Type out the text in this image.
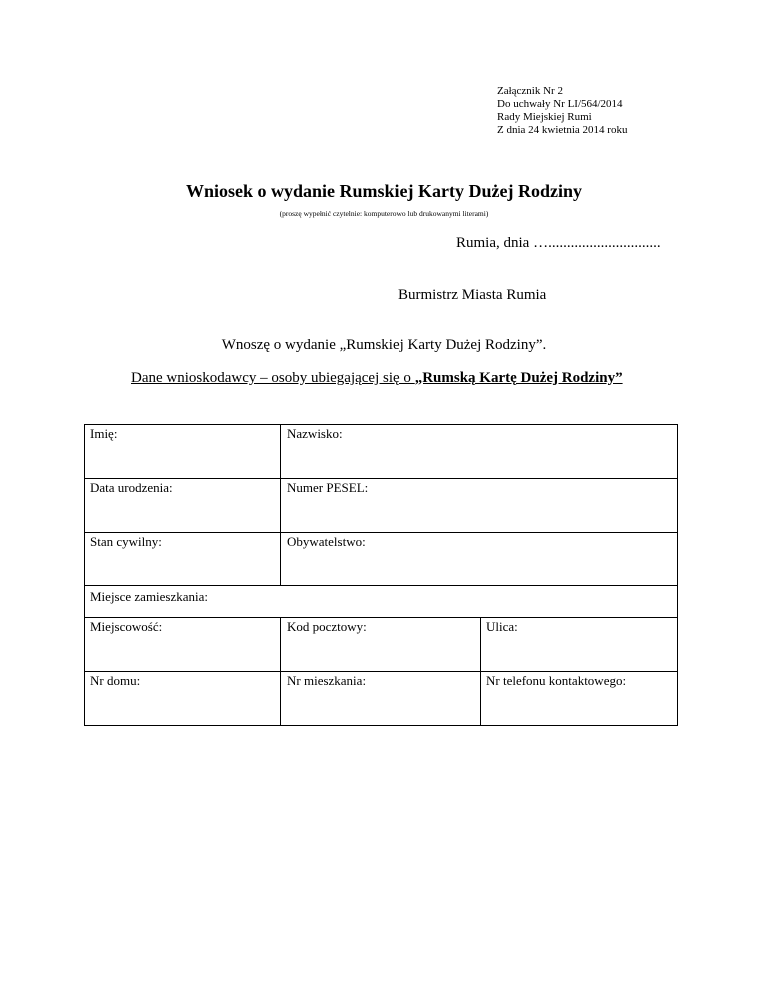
Załącznik Nr 2
Do uchwały Nr LI/564/2014
Rady Miejskiej Rumi
Z dnia 24 kwietnia 2014 roku
Wniosek o wydanie Rumskiej Karty Dużej Rodziny
(proszę wypełnić czytelnie: komputerowo lub drukowanymi literami)
Rumia, dnia …..............................
Burmistrz Miasta Rumia
Wnoszę o wydanie „Rumskiej Karty Dużej Rodziny”.
Dane wnioskodawcy – osoby ubiegającej się o „Rumską Kartę Dużej Rodziny”
Imię:	Nazwisko:
Data urodzenia:	Numer PESEL:
Stan cywilny:	Obywatelstwo:
Miejsce zamieszkania:
Miejscowość:	Kod pocztowy:	Ulica:
Nr domu:	Nr mieszkania:	Nr telefonu kontaktowego:
